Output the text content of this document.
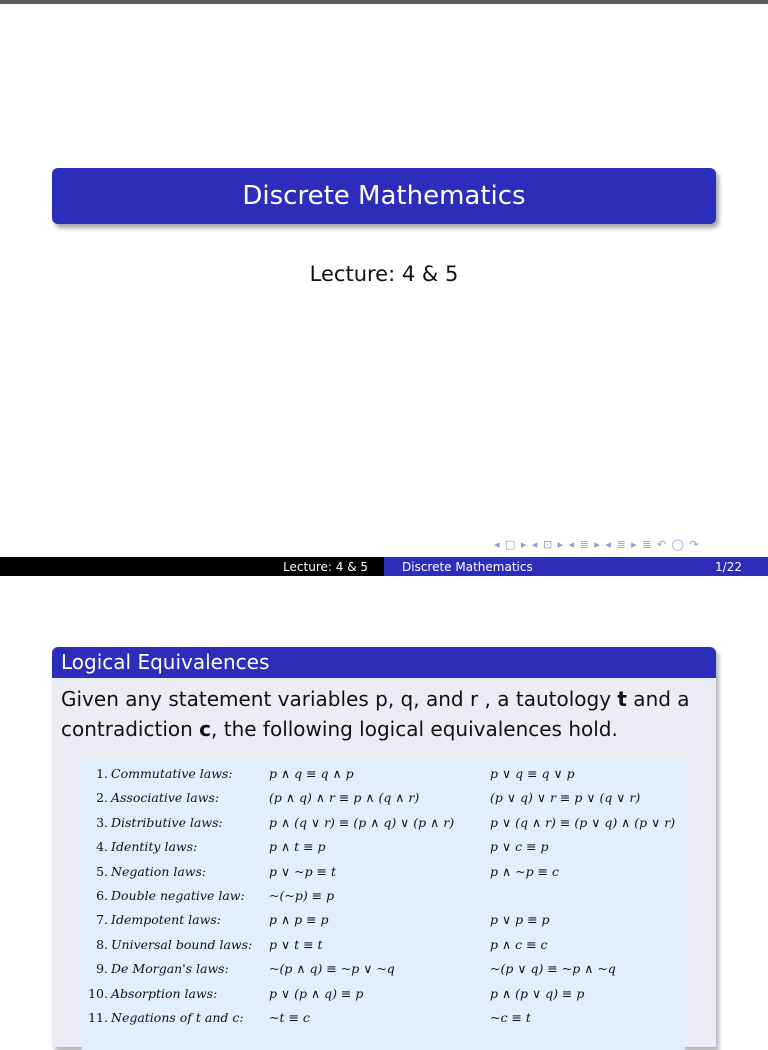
Discrete Mathematics
Lecture: 4 & 5
◂ □ ▸ ◂ ⊡ ▸ ◂ ≣ ▸ ◂ ≣ ▸ ≣ ↶ ◯ ↷
Lecture: 4 & 5	Discrete Mathematics	1/22
Logical Equivalences
Given any statement variables p, q, and r , a tautology t and a contradiction c, the following logical equivalences hold.
1. Commutative laws:	p ∧ q ≡ q ∧ p	p ∨ q ≡ q ∨ p
2. Associative laws:	(p ∧ q) ∧ r ≡ p ∧ (q ∧ r)	(p ∨ q) ∨ r ≡ p ∨ (q ∨ r)
3. Distributive laws:	p ∧ (q ∨ r) ≡ (p ∧ q) ∨ (p ∧ r)	p ∨ (q ∧ r) ≡ (p ∨ q) ∧ (p ∨ r)
4. Identity laws:	p ∧ t ≡ p	p ∨ c ≡ p
5. Negation laws:	p ∨ ~p ≡ t	p ∧ ~p ≡ c
6. Double negative law: ~(~p) ≡ p
7. Idempotent laws:	p ∧ p ≡ p	p ∨ p ≡ p
8. Universal bound laws: p ∨ t ≡ t	p ∧ c ≡ c
9. De Morgan's laws:	~(p ∧ q) ≡ ~p ∨ ~q	~(p ∨ q) ≡ ~p ∧ ~q
10. Absorption laws:	p ∨ (p ∧ q) ≡ p	p ∧ (p ∨ q) ≡ p
11. Negations of t and c: ~t ≡ c	~c ≡ t
